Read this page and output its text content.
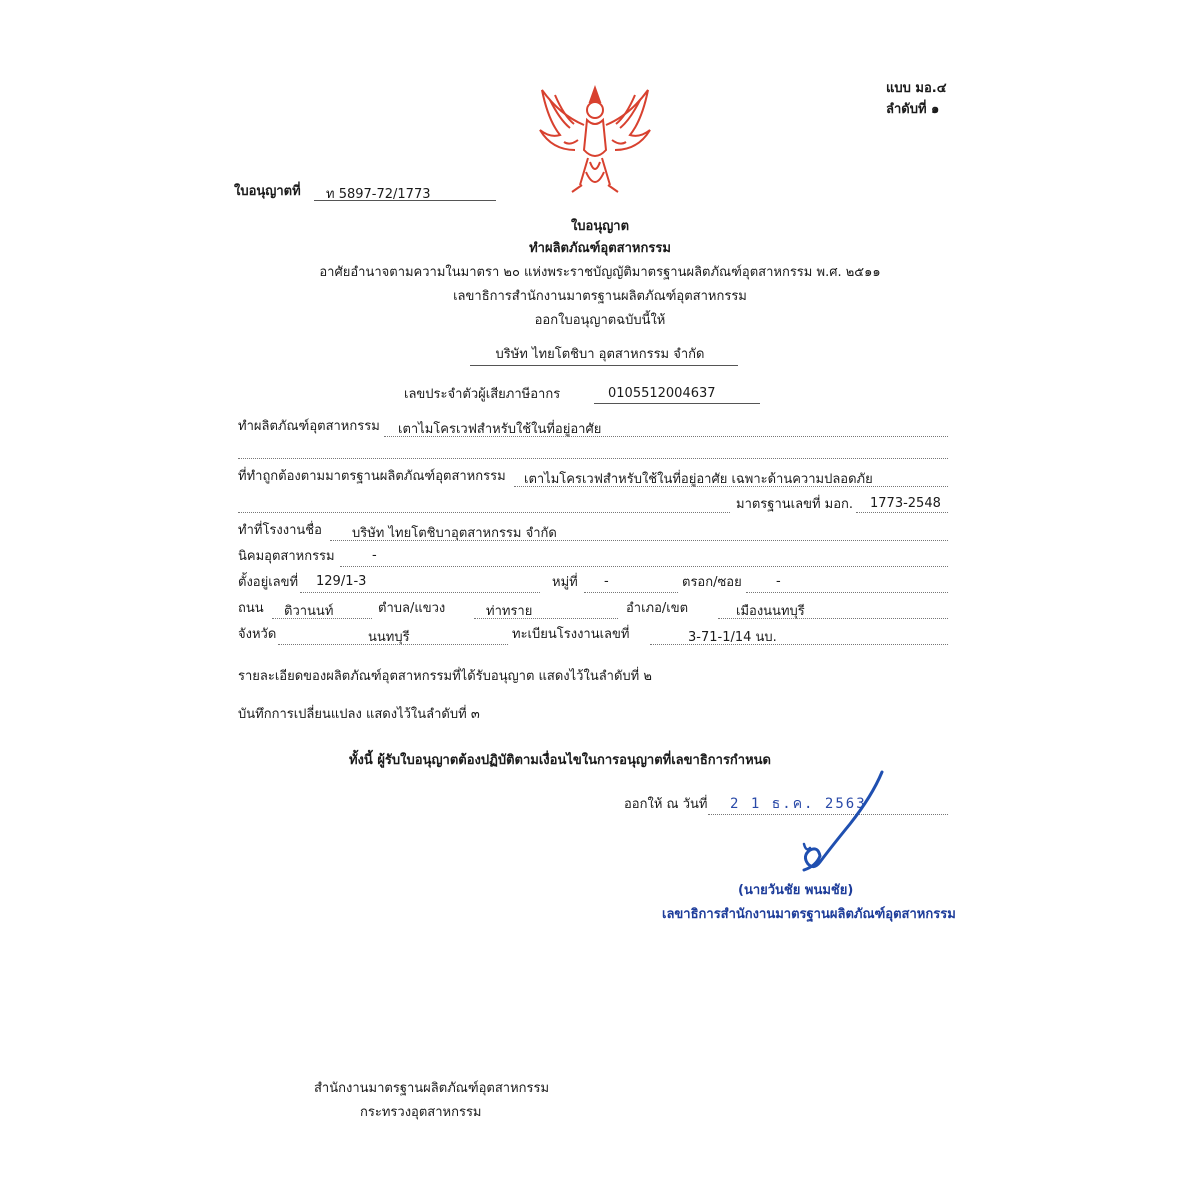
แบบ มอ.๔
ลำดับที่ ๑
ใบอนุญาตที่ ท 5897-72/1773
ใบอนุญาต
ทำผลิตภัณฑ์อุตสาหกรรม
อาศัยอำนาจตามความในมาตรา ๒๐ แห่งพระราชบัญญัติมาตรฐานผลิตภัณฑ์อุตสาหกรรม พ.ศ. ๒๕๑๑
เลขาธิการสำนักงานมาตรฐานผลิตภัณฑ์อุตสาหกรรม
ออกใบอนุญาตฉบับนี้ให้
บริษัท ไทยโตชิบา อุตสาหกรรม จำกัด
เลขประจำตัวผู้เสียภาษีอากร	0105512004637
ทำผลิตภัณฑ์อุตสาหกรรม เตาไมโครเวฟสำหรับใช้ในที่อยู่อาศัย
ที่ทำถูกต้องตามมาตรฐานผลิตภัณฑ์อุตสาหกรรม เตาไมโครเวฟสำหรับใช้ในที่อยู่อาศัย เฉพาะด้านความปลอดภัย
มาตรฐานเลขที่ มอก. 1773-2548
ทำที่โรงงานชื่อ บริษัท ไทยโตชิบาอุตสาหกรรม จำกัด
นิคมอุตสาหกรรม	-
ตั้งอยู่เลขที่ 129/1-3	หมู่ที่ -	ตรอก/ซอย	-
ถนน ติวานนท์	ตำบล/แขวง	ท่าทราย	อำเภอ/เขต	เมืองนนทบุรี
จังหวัด	นนทบุรี	ทะเบียนโรงงานเลขที่	3-71-1/14 นบ.
รายละเอียดของผลิตภัณฑ์อุตสาหกรรมที่ได้รับอนุญาต แสดงไว้ในลำดับที่ ๒
บันทึกการเปลี่ยนแปลง แสดงไว้ในลำดับที่ ๓
ทั้งนี้ ผู้รับใบอนุญาตต้องปฏิบัติตามเงื่อนไขในการอนุญาตที่เลขาธิการกำหนด
ออกให้ ณ วันที่ 2 1 ธ.ค. 2563
(นายวันชัย พนมชัย)
เลขาธิการสำนักงานมาตรฐานผลิตภัณฑ์อุตสาหกรรม
สำนักงานมาตรฐานผลิตภัณฑ์อุตสาหกรรม
กระทรวงอุตสาหกรรม
